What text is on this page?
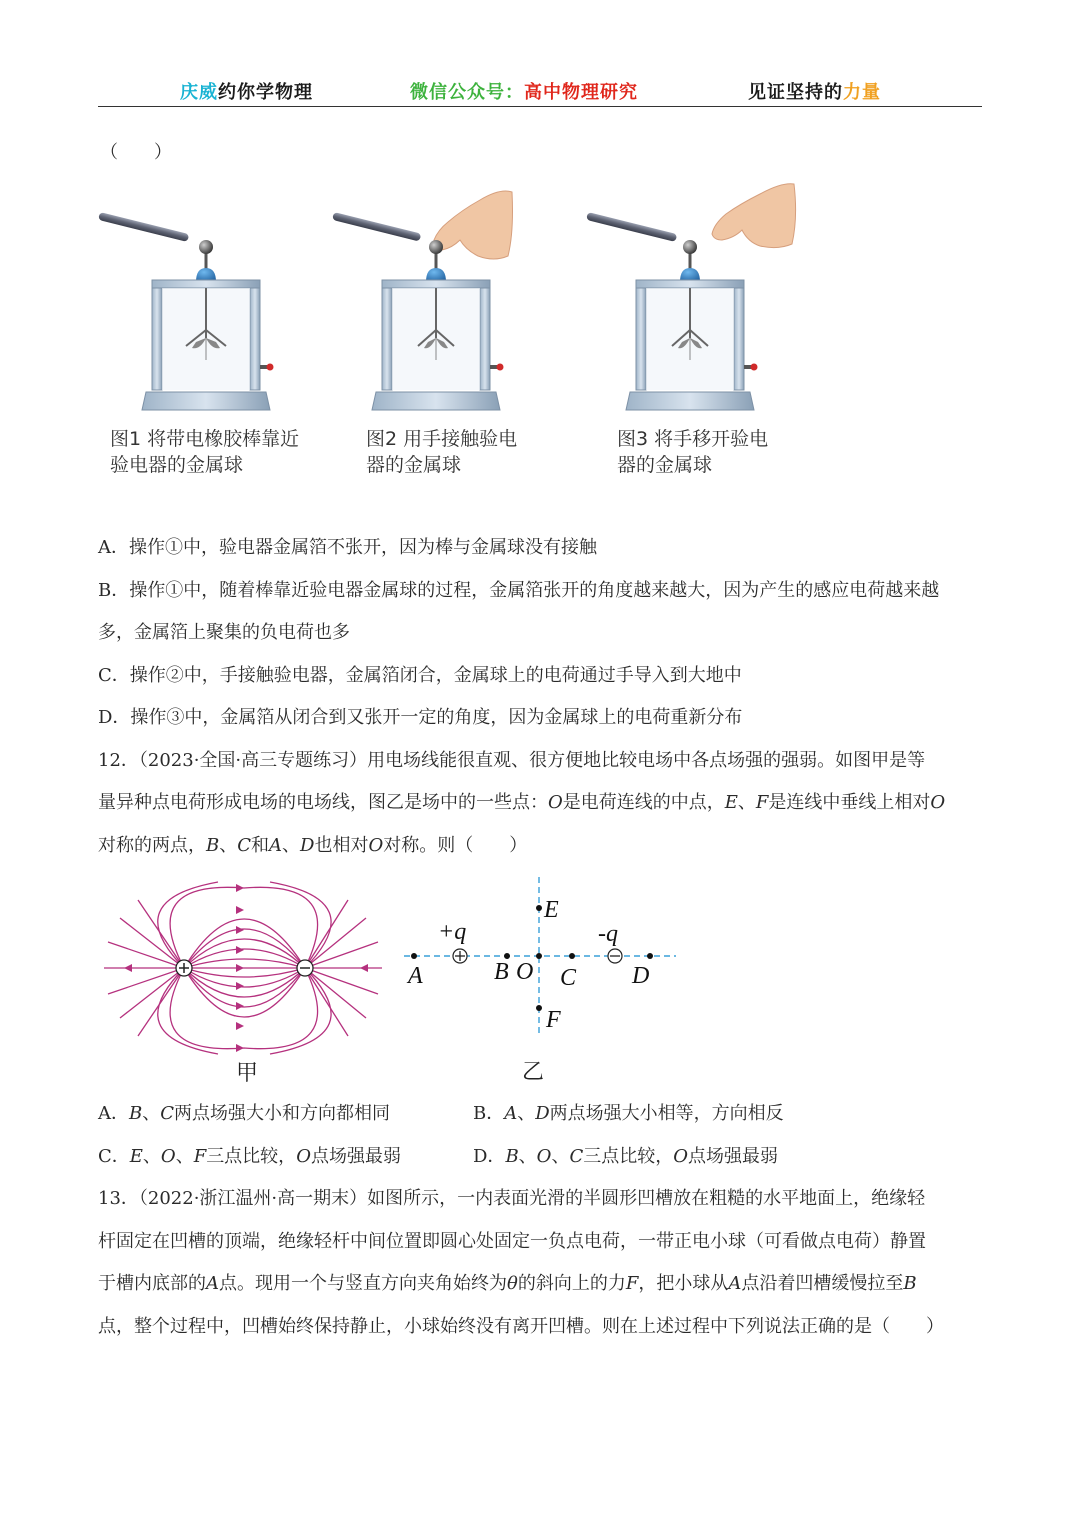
庆威约你学物理	微信公众号：高中物理研究	见证坚持的力量
（　　）
图1 将带电橡胶棒靠近
验电器的金属球
图2 用手接触验电
器的金属球
图3 将手移开验电
器的金属球
A．操作①中，验电器金属箔不张开，因为棒与金属球没有接触
B．操作①中，随着棒靠近验电器金属球的过程，金属箔张开的角度越来越大，因为产生的感应电荷越来越
多，金属箔上聚集的负电荷也多
C．操作②中，手接触验电器，金属箔闭合，金属球上的电荷通过手导入到大地中
D．操作③中，金属箔从闭合到又张开一定的角度，因为金属球上的电荷重新分布
12．（2023·全国·高三专题练习）用电场线能很直观、很方便地比较电场中各点场强的强弱。如图甲是等
量异种点电荷形成电场的电场线，图乙是场中的一些点：O是电荷连线的中点，E、F是连线中垂线上相对O
对称的两点，B、C和A、D也相对O对称。则（　　）
甲
+q	-q
E
A	B O C D
F
乙
A．B、C两点场强大小和方向都相同	B．A、D两点场强大小相等，方向相反
C．E、O、F三点比较，O点场强最弱	D．B、O、C三点比较，O点场强最弱
13．（2022·浙江温州·高一期末）如图所示，一内表面光滑的半圆形凹槽放在粗糙的水平地面上，绝缘轻
杆固定在凹槽的顶端，绝缘轻杆中间位置即圆心处固定一负点电荷，一带正电小球（可看做点电荷）静置
于槽内底部的A点。现用一个与竖直方向夹角始终为θ的斜向上的力F，把小球从A点沿着凹槽缓慢拉至B
点，整个过程中，凹槽始终保持静止，小球始终没有离开凹槽。则在上述过程中下列说法正确的是（　　）
